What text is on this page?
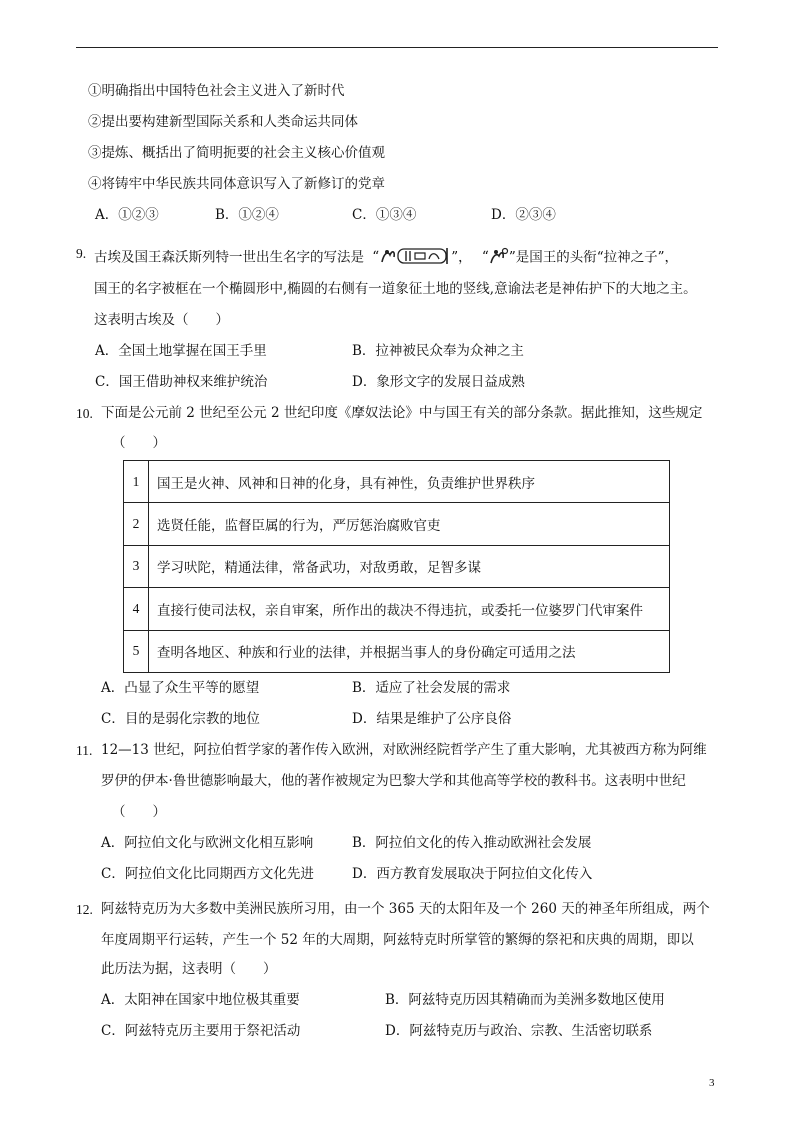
①明确指出中国特色社会主义进入了新时代
②提出要构建新型国际关系和人类命运共同体
③提炼、概括出了简明扼要的社会主义核心价值观
④将铸牢中华民族共同体意识写入了新修订的党章
A．①②③	B．①②④	C．①③④	D．②③④
9. 古埃及国王森沃斯列特一世出生名字的写法是 “	”， “ ”是国王的头衔“拉神之子”，
国王的名字被框在一个椭圆形中,椭圆的右侧有一道象征土地的竖线,意谕法老是神佑护下的大地之主。
这表明古埃及（　　）
A．全国土地掌握在国王手里	B．拉神被民众奉为众神之主
C．国王借助神权来维护统治	D．象形文字的发展日益成熟
10. 下面是公元前 2 世纪至公元 2 世纪印度《摩奴法论》中与国王有关的部分条款。据此推知，这些规定
（　　）
1	国王是火神、风神和日神的化身，具有神性，负责维护世界秩序
2	选贤任能，监督臣属的行为，严厉惩治腐败官吏
3	学习吠陀，精通法律，常备武功，对敌勇敢，足智多谋
4	直接行使司法权，亲自审案，所作出的裁决不得违抗，或委托一位婆罗门代审案件
5	查明各地区、种族和行业的法律，并根据当事人的身份确定可适用之法
A．凸显了众生平等的愿望	B．适应了社会发展的需求
C．目的是弱化宗教的地位	D．结果是维护了公序良俗
11. 12—13 世纪，阿拉伯哲学家的著作传入欧洲，对欧洲经院哲学产生了重大影响，尤其被西方称为阿维
罗伊的伊本·鲁世德影响最大，他的著作被规定为巴黎大学和其他高等学校的教科书。这表明中世纪
（　　）
A．阿拉伯文化与欧洲文化相互影响	B．阿拉伯文化的传入推动欧洲社会发展
C．阿拉伯文化比同期西方文化先进	D．西方教育发展取决于阿拉伯文化传入
12. 阿兹特克历为大多数中美洲民族所习用，由一个 365 天的太阳年及一个 260 天的神圣年所组成，两个
年度周期平行运转，产生一个 52 年的大周期，阿兹特克时所掌管的繁缛的祭祀和庆典的周期，即以
此历法为据，这表明（　　）
A．太阳神在国家中地位极其重要	B．阿兹特克历因其精确而为美洲多数地区使用
C．阿兹特克历主要用于祭祀活动	D．阿兹特克历与政治、宗教、生活密切联系
3
